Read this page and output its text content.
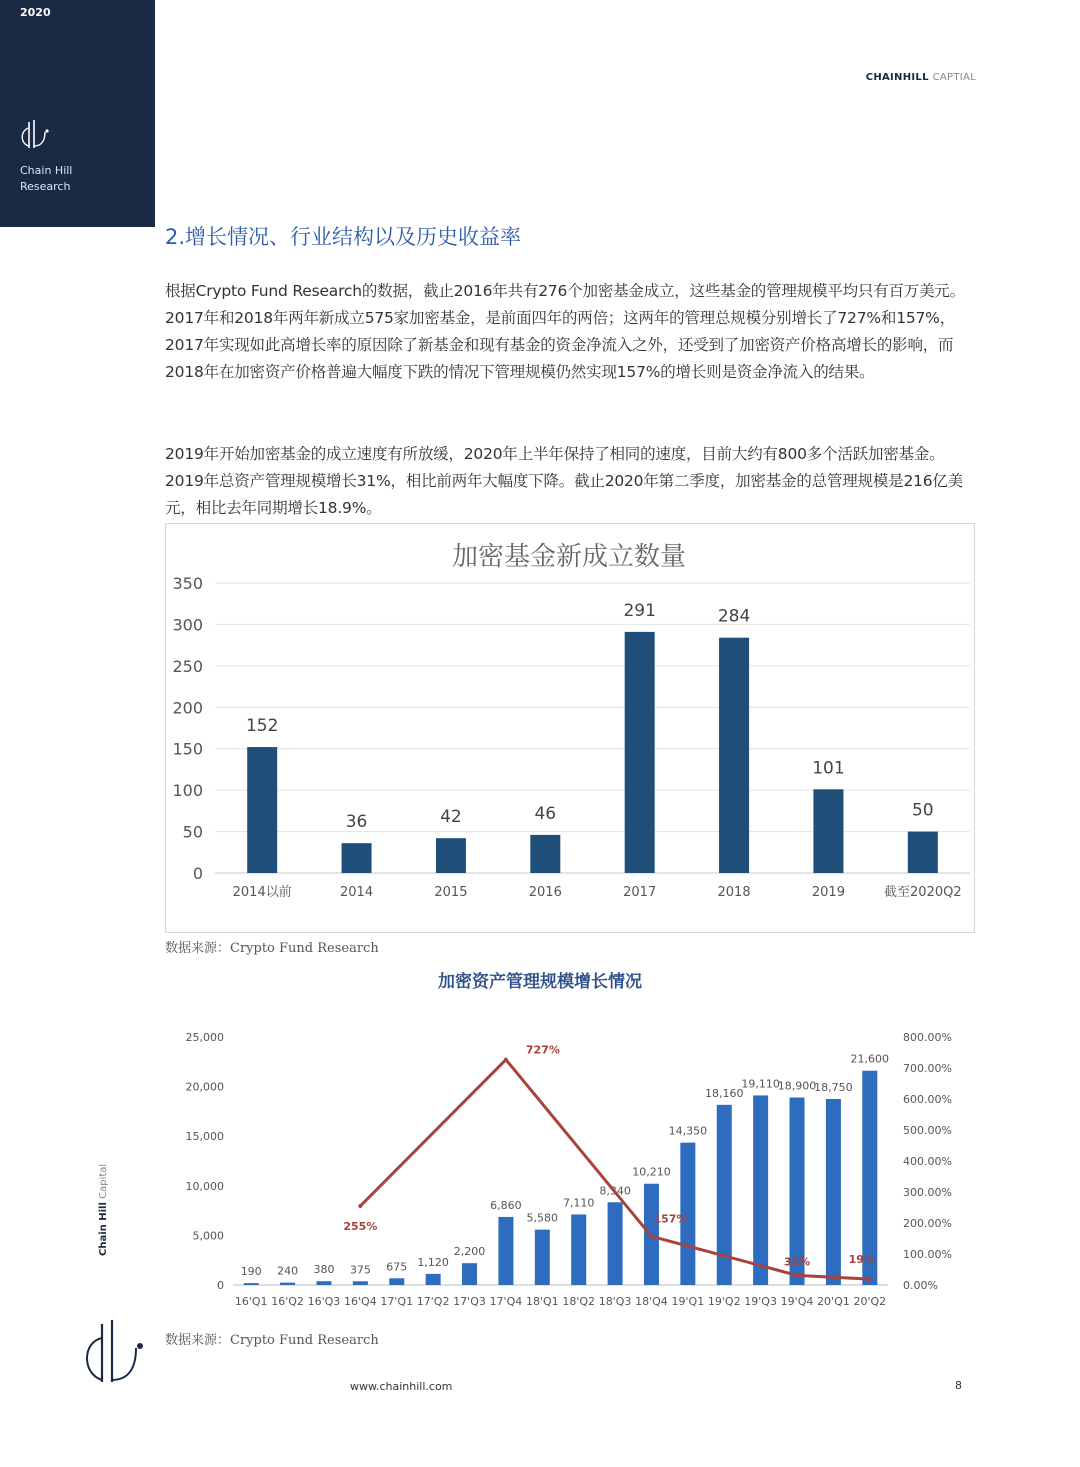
2020
Chain Hill
Research
CHAINHILL CAPTIAL
2.增长情况、行业结构以及历史收益率
根据Crypto Fund Research的数据，截止2016年共有276个加密基金成立，这些基金的管理规模平均只有百万美元。2017年和2018年两年新成立575家加密基金，是前面四年的两倍；这两年的管理总规模分别增长了727%和157%，2017年实现如此高增长率的原因除了新基金和现有基金的资金净流入之外，还受到了加密资产价格高增长的影响，而2018年在加密资产价格普遍大幅度下跌的情况下管理规模仍然实现157%的增长则是资金净流入的结果。
2019年开始加密基金的成立速度有所放缓，2020年上半年保持了相同的速度，目前大约有800多个活跃加密基金。2019年总资产管理规模增长31%，相比前两年大幅度下降。截止2020年第二季度，加密基金的总管理规模是216亿美元，相比去年同期增长18.9%。
加密基金新成立数量
0
50
100
150
200
250
300
350
152
2014以前
36
2014
42
2015
46
2016
291
2017
284
2018
101
2019
50
截至2020Q2
数据来源：Crypto Fund Research
加密资产管理规模增长情况
0
5,000
10,000
15,000
20,000
25,000
0.00%
100.00%
200.00%
300.00%
400.00%
500.00%
600.00%
700.00%
800.00%
190
16'Q1
240
16'Q2
380
16'Q3
375
16'Q4
675
17'Q1
1,120
17'Q2
2,200
17'Q3
6,860
17'Q4
5,580
18'Q1
7,110
18'Q2
8,340
18'Q3
10,210
18'Q4
14,350
19'Q1
18,160
19'Q2
19,110
19'Q3
18,900
19'Q4
18,750
20'Q1
21,600
20'Q2
255%
727%
157%
31%	19%
数据来源：Crypto Fund Research
Chain Hill Capital
www.chainhill.com	8
